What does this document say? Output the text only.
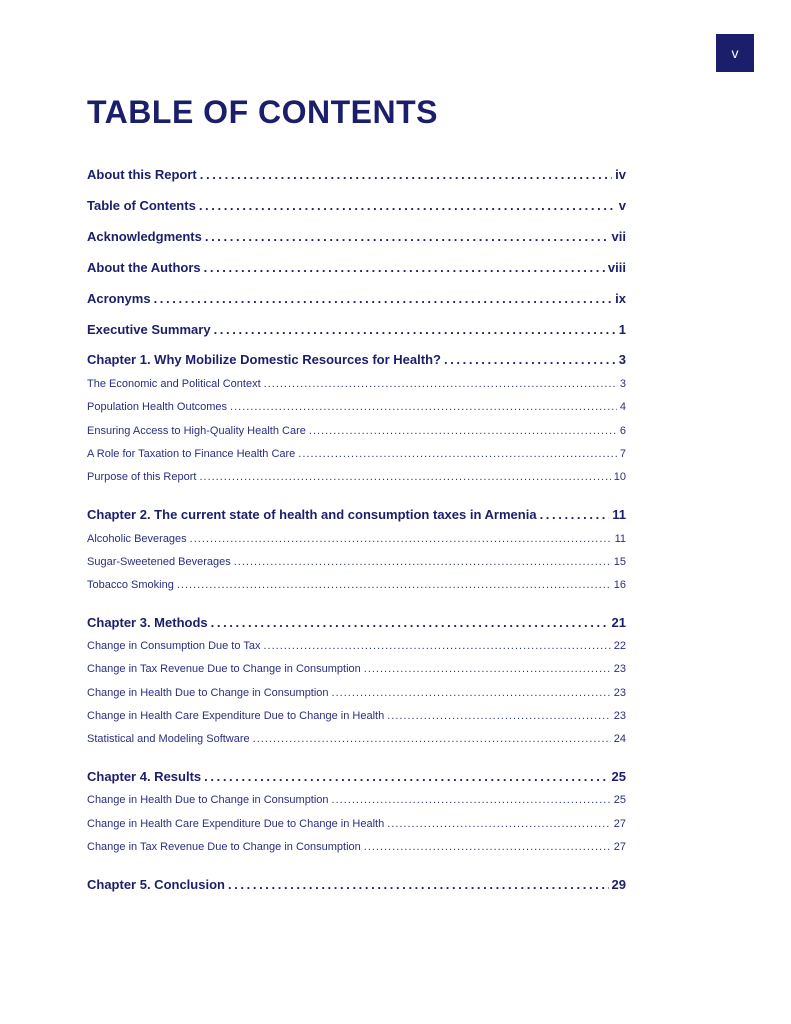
v
TABLE OF CONTENTS
About this Report . . .	iv
Table of Contents . . .	v
Acknowledgments . . .	vii
About the Authors . . .	viii
Acronyms . . .	ix
Executive Summary . . .	1
Chapter 1. Why Mobilize Domestic Resources for Health? . . .	3
The Economic and Political Context .....	3
Population Health Outcomes .....	4
Ensuring Access to High-Quality Health Care .....	6
A Role for Taxation to Finance Health Care .....	7
Purpose of this Report .....	10
Chapter 2. The current state of health and consumption taxes in Armenia . . .	11
Alcoholic Beverages .....	11
Sugar-Sweetened Beverages .....	15
Tobacco Smoking .....	16
Chapter 3. Methods . . .	21
Change in Consumption Due to Tax .....	22
Change in Tax Revenue Due to Change in Consumption .....	23
Change in Health Due to Change in Consumption .....	23
Change in Health Care Expenditure Due to Change in Health .....	23
Statistical and Modeling Software .....	24
Chapter 4. Results . . .	25
Change in Health Due to Change in Consumption .....	25
Change in Health Care Expenditure Due to Change in Health .....	27
Change in Tax Revenue Due to Change in Consumption .....	27
Chapter 5. Conclusion . . .	29
